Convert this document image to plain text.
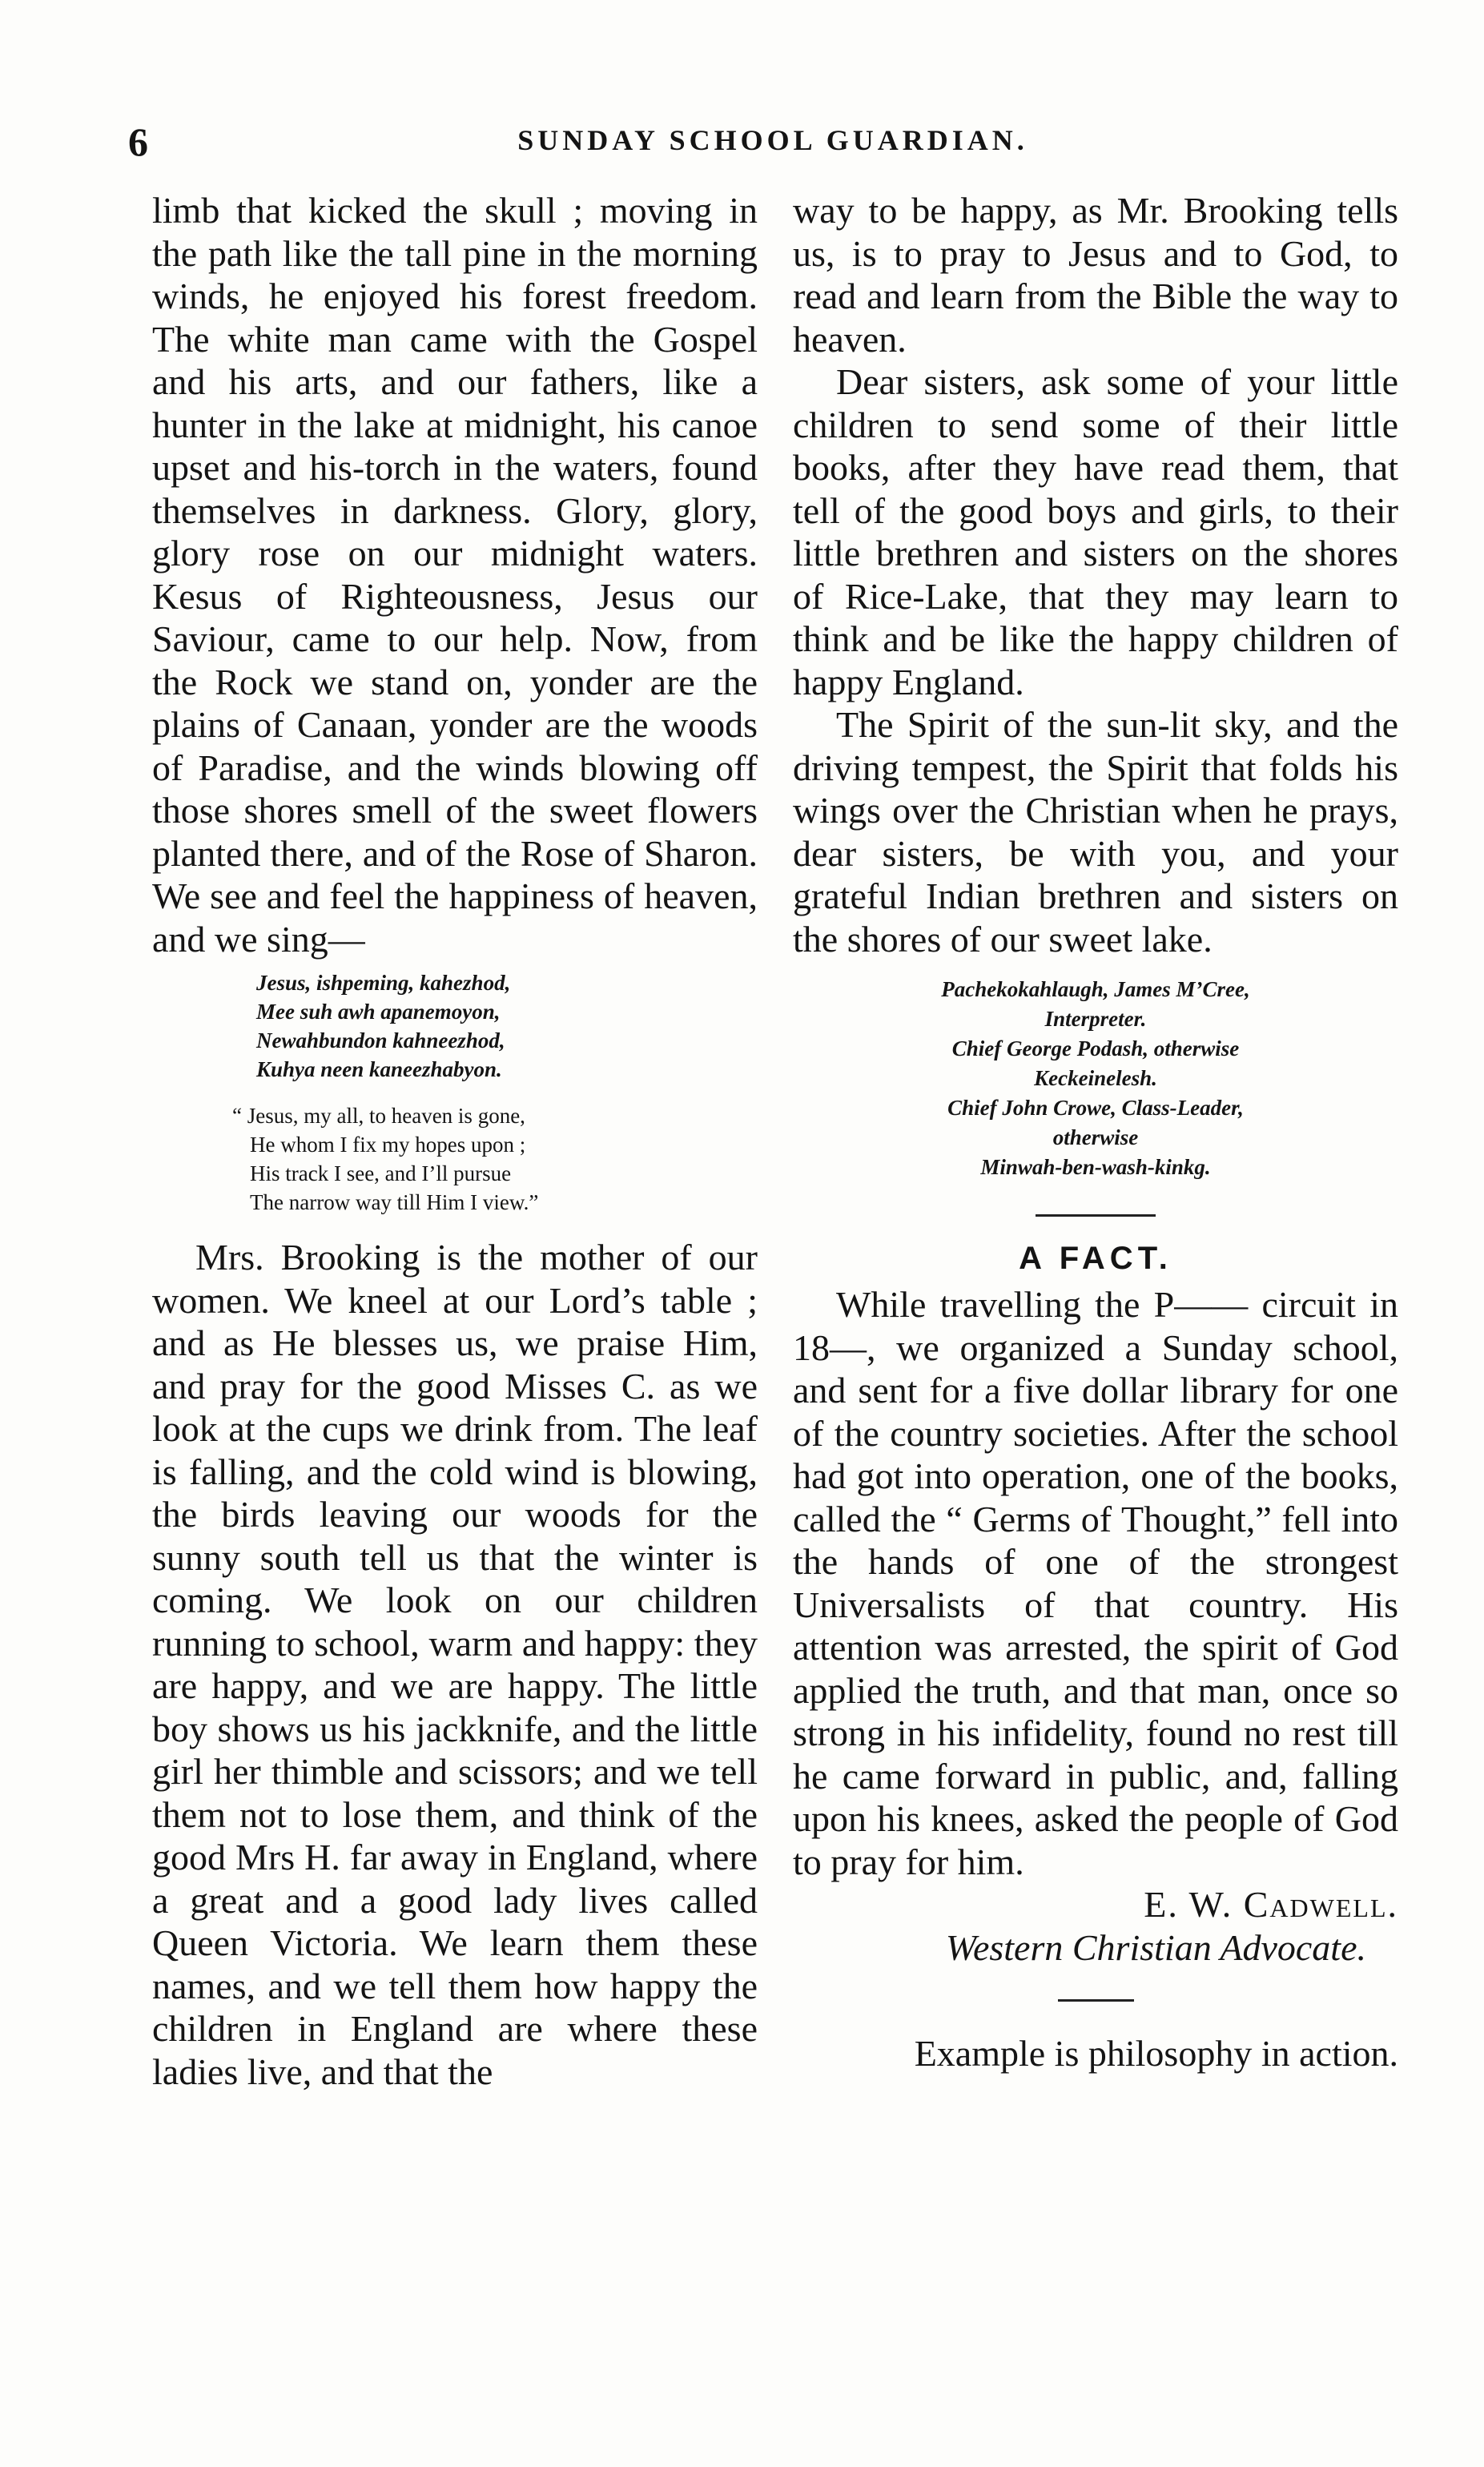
6	SUNDAY SCHOOL GUARDIAN.

limb that kicked the skull ; moving in the path like the tall pine in the morning winds, he enjoyed his forest freedom. The white man came with the Gospel and his arts, and our fathers, like a hunter in the lake at midnight, his canoe upset and his-torch in the waters, found themselves in darkness. Glory, glory, glory rose on our midnight waters. Kesus of Righteousness, Jesus our Saviour, came to our help. Now, from the Rock we stand on, yonder are the plains of Canaan, yonder are the woods of Paradise, and the winds blowing off those shores smell of the sweet flowers planted there, and of the Rose of Sharon. We see and feel the happiness of heaven, and we sing—

Jesus, ishpeming, kahezhod,
Mee suh awh apanemoyon,
Newahbundon kahneezhod,
Kuhya neen kaneezhabyon.
“ Jesus, my all, to heaven is gone,
He whom I fix my hopes upon ;
His track I see, and I’ll pursue
The narrow way till Him I view.”

Mrs. Brooking is the mother of our women. We kneel at our Lord’s table ; and as He blesses us, we praise Him, and pray for the good Misses C. as we look at the cups we drink from. The leaf is falling, and the cold wind is blowing, the birds leaving our woods for the sunny south tell us that the winter is coming. We look on our children running to school, warm and happy: they are happy, and we are happy. The little boy shows us his jackknife, and the little girl her thimble and scissors; and we tell them not to lose them, and think of the good Mrs H. far away in England, where a great and a good lady lives called Queen Victoria. We learn them these names, and we tell them how happy the children in England are where these ladies live, and that the

way to be happy, as Mr. Brooking tells us, is to pray to Jesus and to God, to read and learn from the Bible the way to heaven.

Dear sisters, ask some of your little children to send some of their little books, after they have read them, that tell of the good boys and girls, to their little brethren and sisters on the shores of Rice-Lake, that they may learn to think and be like the happy children of happy England.

The Spirit of the sun-lit sky, and the driving tempest, the Spirit that folds his wings over the Christian when he prays, dear sisters, be with you, and your grateful Indian brethren and sisters on the shores of our sweet lake.

Pachekokahlaugh, James M’Cree,
Interpreter.
Chief George Podash, otherwise
Keckeinelesh.
Chief John Crowe, Class-Leader,
otherwise
Minwah-ben-wash-kinkg.
A FACT.

While travelling the P—— circuit in 18—, we organized a Sunday school, and sent for a five dollar library for one of the country societies. After the school had got into operation, one of the books, called the “ Germs of Thought,” fell into the hands of one of the strongest Universalists of that country. His attention was arrested, the spirit of God applied the truth, and that man, once so strong in his infidelity, found no rest till he came forward in public, and, falling upon his knees, asked the people of God to pray for him.

E. W. Cadwell.

Western Christian Advocate.

Example is philosophy in action.
